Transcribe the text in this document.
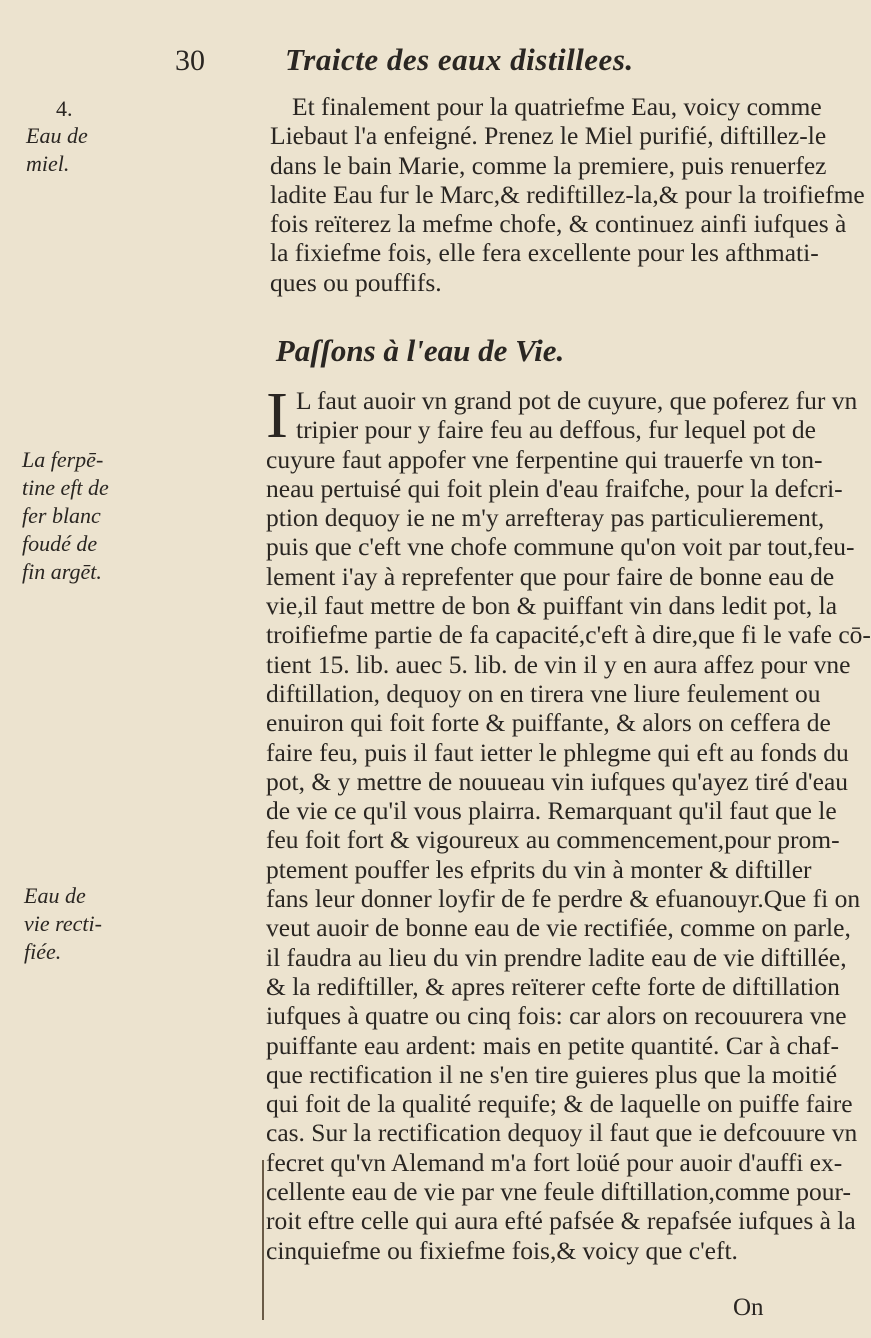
30	Traicte des eaux distillees.
4.
Eau de
miel.
Et finalement pour la quatriefme Eau, voicy comme
Liebaut l'a enfeigné. Prenez le Miel purifié, diftillez-le
dans le bain Marie, comme la premiere, puis renuerfez
ladite Eau fur le Marc,& rediftillez-la,& pour la troifiefme
fois reïterez la mefme chofe, & continuez ainfi iufques à
la fixiefme fois, elle fera excellente pour les afthmati-
ques ou pouffifs.
Paſſons à l'eau de Vie.
La ferpē-
tine eft de
fer blanc
foudé de
fin argēt.
Eau de
vie recti-
fiée.
I L faut auoir vn grand pot de cuyure, que poferez fur vn
tripier pour y faire feu au deffous, fur lequel pot de
cuyure faut appofer vne ferpentine qui trauerfe vn ton-
neau pertuisé qui foit plein d'eau fraifche, pour la defcri-
ption dequoy ie ne m'y arrefteray pas particulierement,
puis que c'eft vne chofe commune qu'on voit par tout,feu-
lement i'ay à reprefenter que pour faire de bonne eau de
vie,il faut mettre de bon & puiffant vin dans ledit pot, la
troifiefme partie de fa capacité,c'eft à dire,que fi le vafe cō-
tient 15. lib. auec 5. lib. de vin il y en aura affez pour vne
diftillation, dequoy on en tirera vne liure feulement ou
enuiron qui foit forte & puiffante, & alors on ceffera de
faire feu, puis il faut ietter le phlegme qui eft au fonds du
pot, & y mettre de nouueau vin iufques qu'ayez tiré d'eau
de vie ce qu'il vous plairra. Remarquant qu'il faut que le
feu foit fort & vigoureux au commencement,pour prom-
ptement pouffer les efprits du vin à monter & diftiller
fans leur donner loyfir de fe perdre & efuanouyr.Que fi on
veut auoir de bonne eau de vie rectifiée, comme on parle,
il faudra au lieu du vin prendre ladite eau de vie diftillée,
& la rediftiller, & apres reïterer cefte forte de diftillation
iufques à quatre ou cinq fois: car alors on recouurera vne
puiffante eau ardent: mais en petite quantité. Car à chaf-
que rectification il ne s'en tire guieres plus que la moitié
qui foit de la qualité requife; & de laquelle on puiffe faire
cas. Sur la rectification dequoy il faut que ie defcouure vn
fecret qu'vn Alemand m'a fort loüé pour auoir d'auffi ex-
cellente eau de vie par vne feule diftillation,comme pour-
roit eftre celle qui aura efté pafsée & repafsée iufques à la
cinquiefme ou fixiefme fois,& voicy que c'eft.
On
